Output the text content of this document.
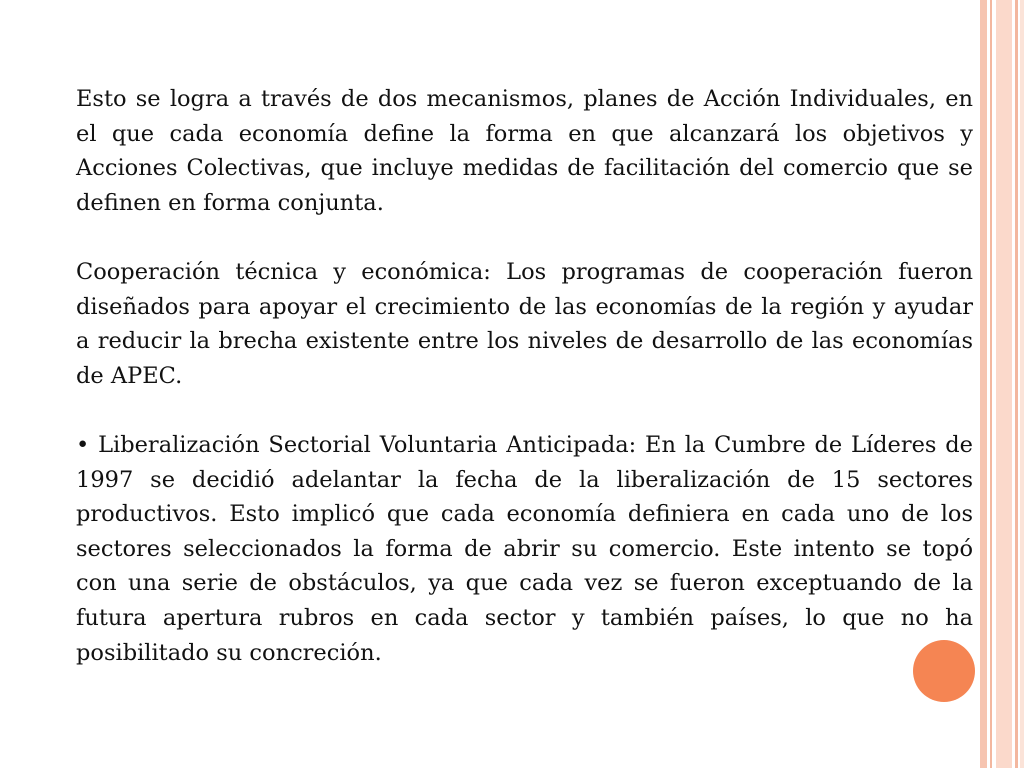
Esto se logra a través de dos mecanismos, planes de Acción Individuales, en el que cada economía define la forma en que alcanzará los objetivos y Acciones Colectivas, que incluye medidas de facilitación del comercio que se definen en forma conjunta.

Cooperación técnica y económica: Los programas de cooperación fueron diseñados para apoyar el crecimiento de las economías de la región y ayudar a reducir la brecha existente entre los niveles de desarrollo de las economías de APEC.

• Liberalización Sectorial Voluntaria Anticipada: En la Cumbre de Líderes de 1997 se decidió adelantar la fecha de la liberalización de 15 sectores productivos. Esto implicó que cada economía definiera en cada uno de los sectores seleccionados la forma de abrir su comercio. Este intento se topó con una serie de obstáculos, ya que cada vez se fueron exceptuando de la futura apertura rubros en cada sector y también países, lo que no ha posibilitado su concreción.
